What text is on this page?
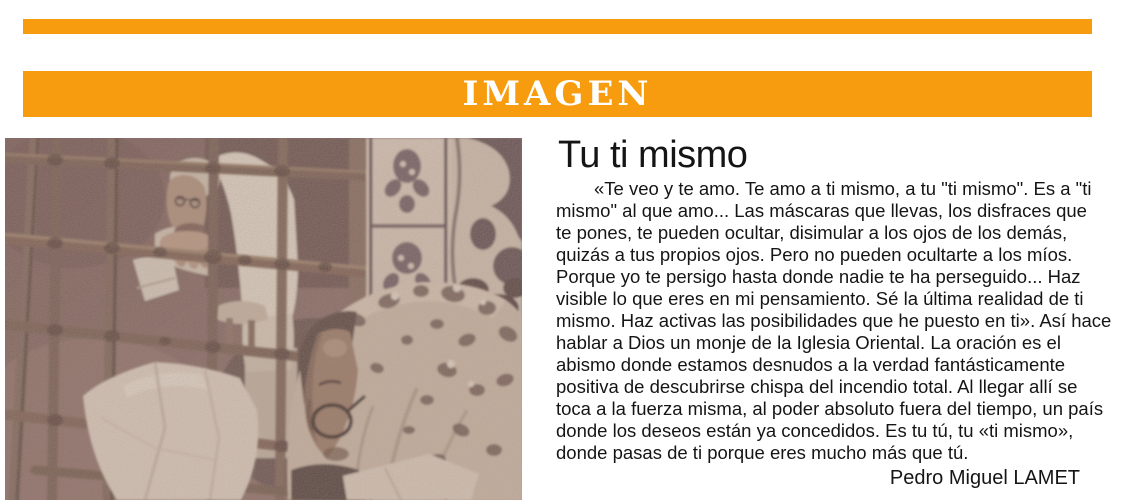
IMAGEN
Tu ti mismo
«Te veo y te amo. Te amo a ti mismo, a tu "ti mismo". Es a "ti
mismo" al que amo... Las máscaras que llevas, los disfraces que
te pones, te pueden ocultar, disimular a los ojos de los demás,
quizás a tus propios ojos. Pero no pueden ocultarte a los míos.
Porque yo te persigo hasta donde nadie te ha perseguido... Haz
visible lo que eres en mi pensamiento. Sé la última realidad de ti
mismo. Haz activas las posibilidades que he puesto en ti». Así hace
hablar a Dios un monje de la Iglesia Oriental. La oración es el
abismo donde estamos desnudos a la verdad fantásticamente
positiva de descubrirse chispa del incendio total. Al llegar allí se
toca a la fuerza misma, al poder absoluto fuera del tiempo, un país
donde los deseos están ya concedidos. Es tu tú, tu «ti mismo»,
donde pasas de ti porque eres mucho más que tú.
Pedro Miguel LAMET
